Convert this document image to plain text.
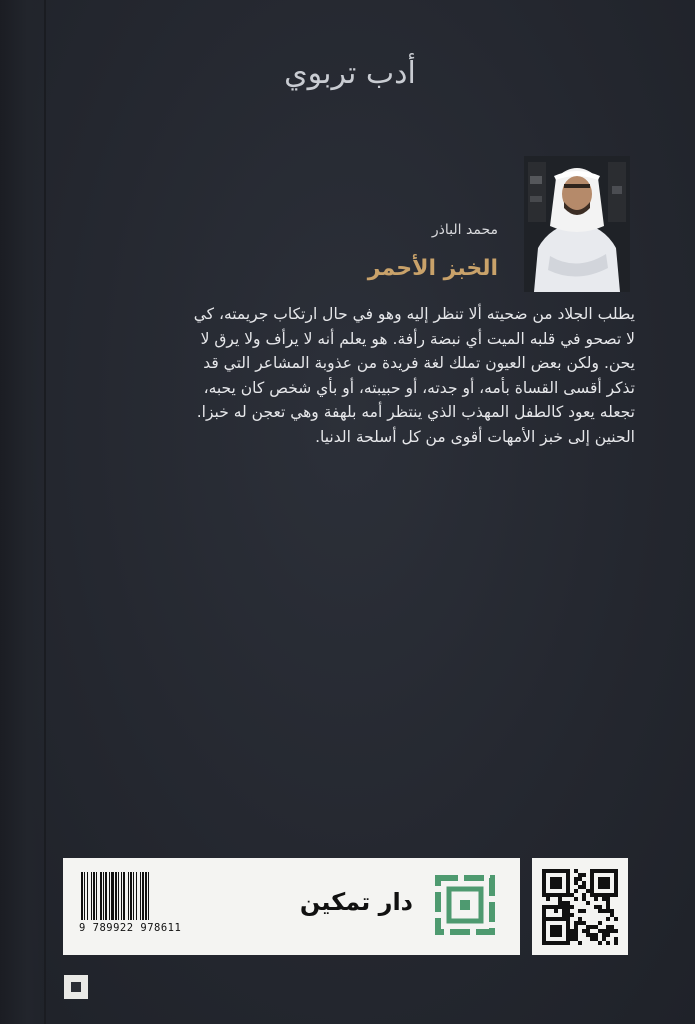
أدب تربوي
محمد الباذر
الخبز الأحمر

يطلب الجلاد من ضحيته ألا تنظر إليه وهو في حال ارتكاب جريمته، كي

لا تصحو في قلبه الميت أي نبضة رأفة. هو يعلم أنه لا يرأف ولا يرق لا

يحن. ولكن بعض العيون تملك لغة فريدة من عذوبة المشاعر التي قد

تذكر أقسى القساة بأمه، أو جدته، أو حبيبته، أو بأي شخص كان يحبه،

تجعله يعود كالطفل المهذب الذي ينتظر أمه بلهفة وهي تعجن له خبزا.

الحنين إلى خبز الأمهات أقوى من كل أسلحة الدنيا.

9 789922 978611
دار تمكين
